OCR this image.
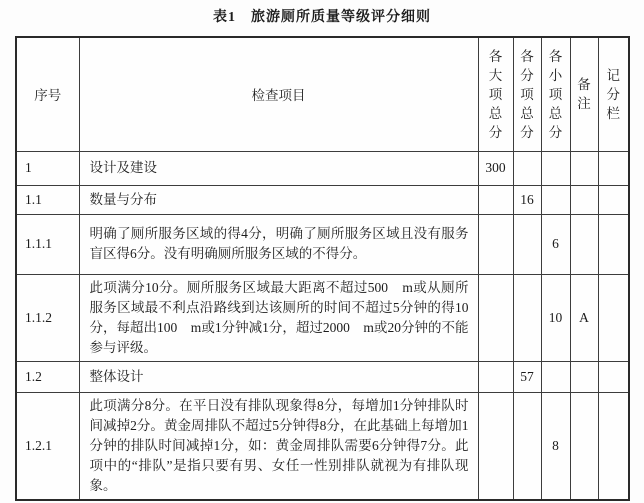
表1　旅游厕所质量等级评分细则
序号	检查项目	各大项总分	各分项总分	各小项总分	备注	记分栏
1	设计及建设	300				
1.1	数量与分布		16			
1.1.1	明确了厕所服务区域的得4分，明确了厕所服务区域且没有服务盲区得6分。没有明确厕所服务区域的不得分。			6		
1.1.2	此项满分10分。厕所服务区域最大距离不超过500　m或从厕所服务区域最不利点沿路线到达该厕所的时间不超过5分钟的得10分，每超出100　m或1分钟减1分，超过2000　m或20分钟的不能参与评级。			10	A	
1.2	整体设计		57			
1.2.1	此项满分8分。在平日没有排队现象得8分，每增加1分钟排队时间减掉2分。黄金周排队不超过5分钟得8分，在此基础上每增加1分钟的排队时间减掉1分，如：黄金周排队需要6分钟得7分。此项中的“排队”是指只要有男、女任一性别排队就视为有排队现象。			8		
